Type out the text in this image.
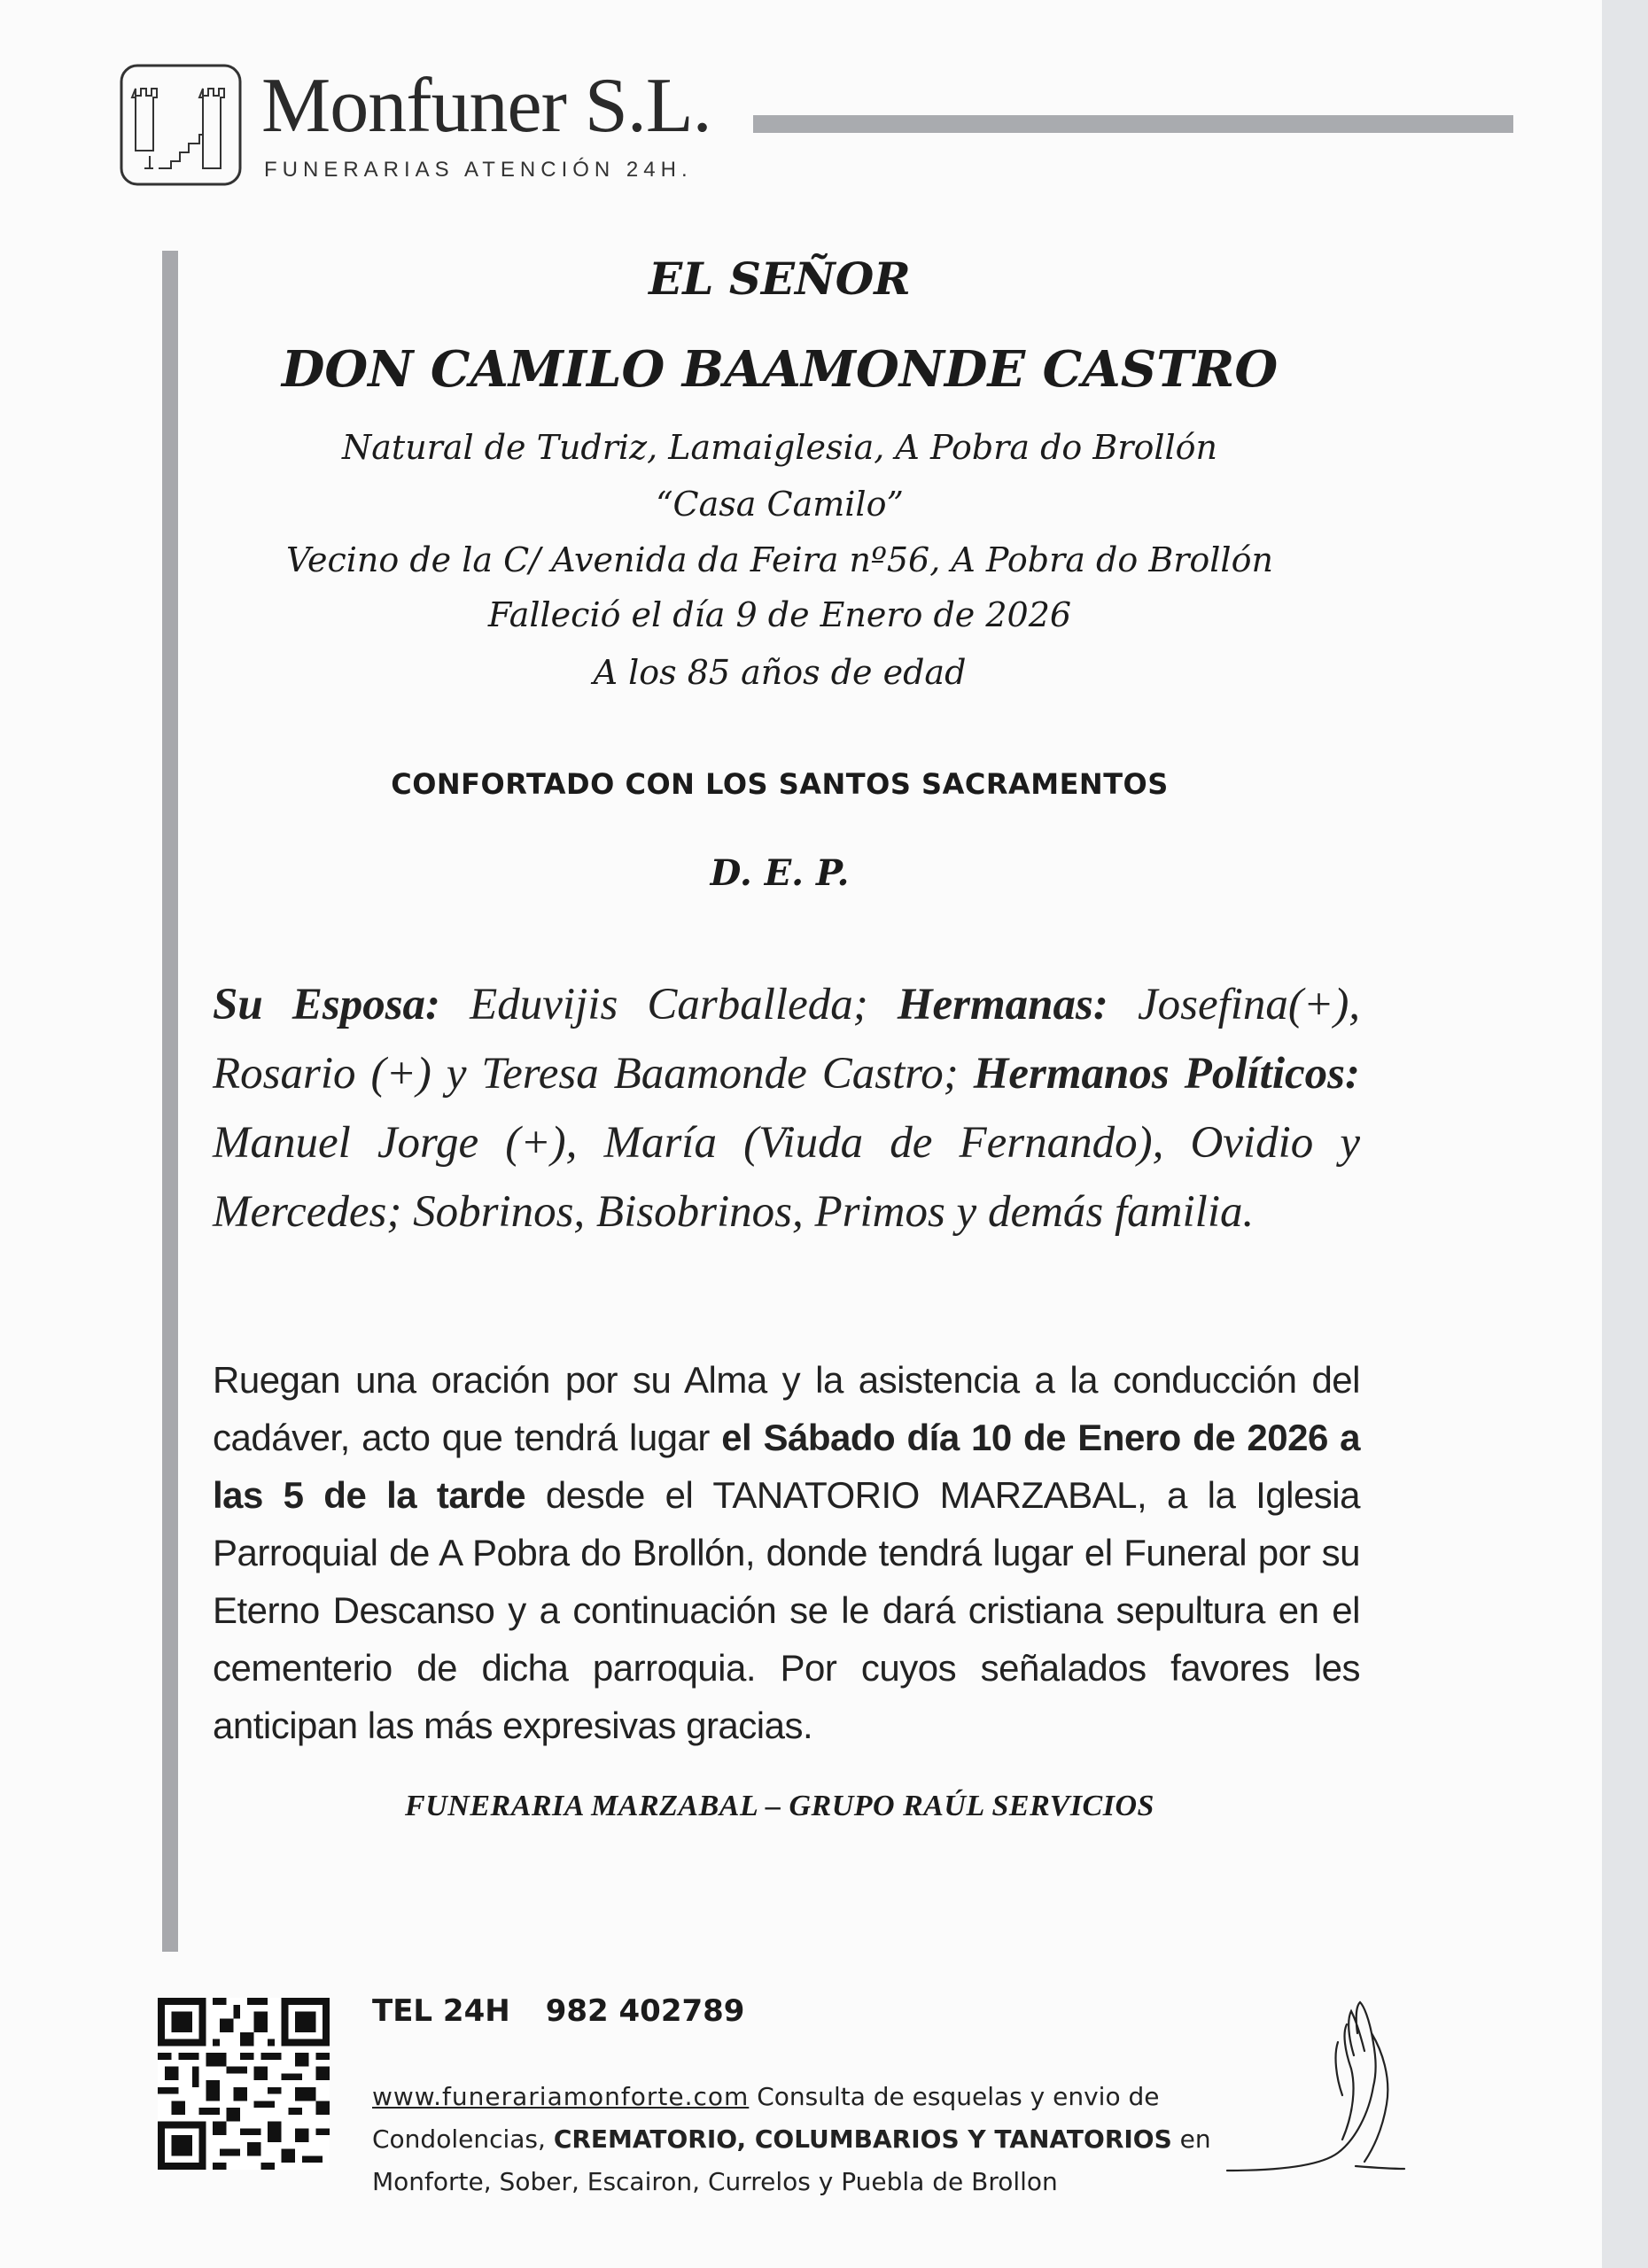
Monfuner S.L.
FUNERARIAS ATENCIÓN 24H.
EL SEÑOR
DON CAMILO BAAMONDE CASTRO
Natural de Tudriz, Lamaiglesia, A Pobra do Brollón
“Casa Camilo”
Vecino de la C/ Avenida da Feira nº56, A Pobra do Brollón
Falleció el día 9 de Enero de 2026
A los 85 años de edad
CONFORTADO CON LOS SANTOS SACRAMENTOS
D. E. P.
Su Esposa: Eduvijis Carballeda; Hermanas: Josefina(+), Rosario (+) y Teresa Baamonde Castro; Hermanos Políticos: Manuel Jorge (+), María (Viuda de Fernando), Ovidio y Mercedes; Sobrinos, Bisobrinos, Primos y demás familia.
Ruegan una oración por su Alma y la asistencia a la conducción del cadáver, acto que tendrá lugar el Sábado día 10 de Enero de 2026 a las 5 de la tarde desde el TANATORIO MARZABAL, a la Iglesia Parroquial de A Pobra do Brollón, donde tendrá lugar el Funeral por su Eterno Descanso y a continuación se le dará cristiana sepultura en el cementerio de dicha parroquia. Por cuyos señalados favores les anticipan las más expresivas gracias.
FUNERARIA MARZABAL – GRUPO RAÚL SERVICIOS
TEL 24H 982 402789
www.funerariamonforte.com Consulta de esquelas y envio de Condolencias, CREMATORIO, COLUMBARIOS Y TANATORIOS en Monforte, Sober, Escairon, Currelos y Puebla de Brollon
